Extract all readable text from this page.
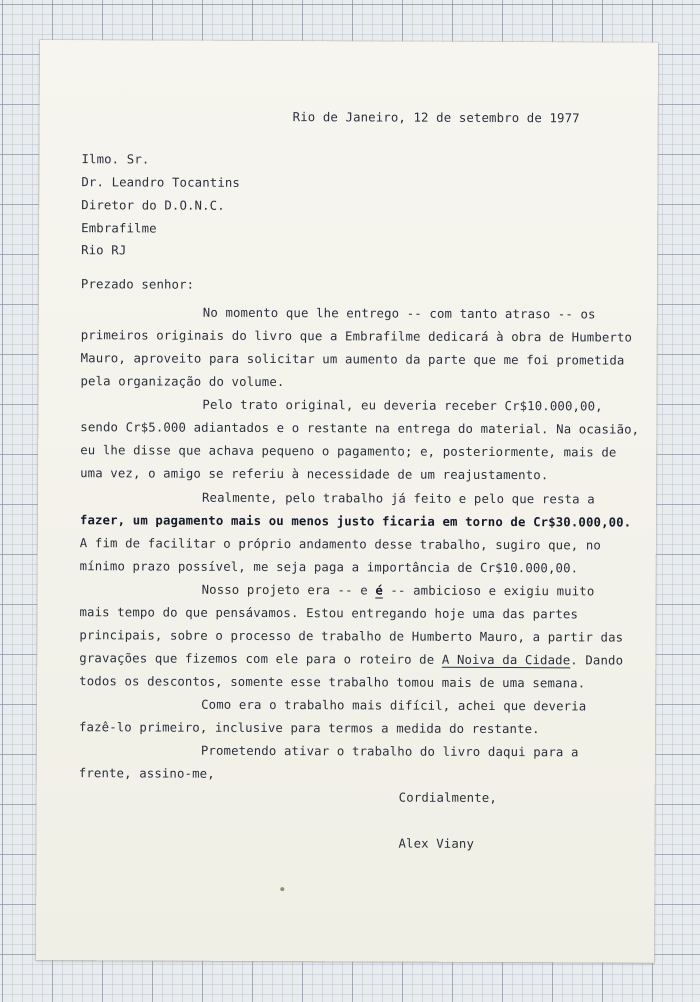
Rio de Janeiro, 12 de setembro de 1977
Ilmo. Sr.
Dr. Leandro Tocantins
Diretor do D.O.N.C.
Embrafilme
Rio RJ
Prezado senhor:
No momento que lhe entrego -- com tanto atraso -- os
primeiros originais do livro que a Embrafilme dedicará à obra de Humberto
Mauro, aproveito para solicitar um aumento da parte que me foi prometida
pela organização do volume.
Pelo trato original, eu deveria receber Cr$10.000,00,
sendo Cr$5.000 adiantados e o restante na entrega do material. Na ocasião,
eu lhe disse que achava pequeno o pagamento; e, posteriormente, mais de
uma vez, o amigo se referiu à necessidade de um reajustamento.
Realmente, pelo trabalho já feito e pelo que resta a
fazer, um pagamento mais ou menos justo ficaria em torno de Cr$30.000,00.
A fim de facilitar o próprio andamento desse trabalho, sugiro que, no
mínimo prazo possível, me seja paga a importância de Cr$10.000,00.
Nosso projeto era -- e é -- ambicioso e exigiu muito
mais tempo do que pensávamos. Estou entregando hoje uma das partes
principais, sobre o processo de trabalho de Humberto Mauro, a partir das
gravações que fizemos com ele para o roteiro de A Noiva da Cidade. Dando
todos os descontos, somente esse trabalho tomou mais de uma semana.
Como era o trabalho mais difícil, achei que deveria
fazê-lo primeiro, inclusive para termos a medida do restante.
Prometendo ativar o trabalho do livro daqui para a
frente, assino-me,
Cordialmente,
Alex Viany
